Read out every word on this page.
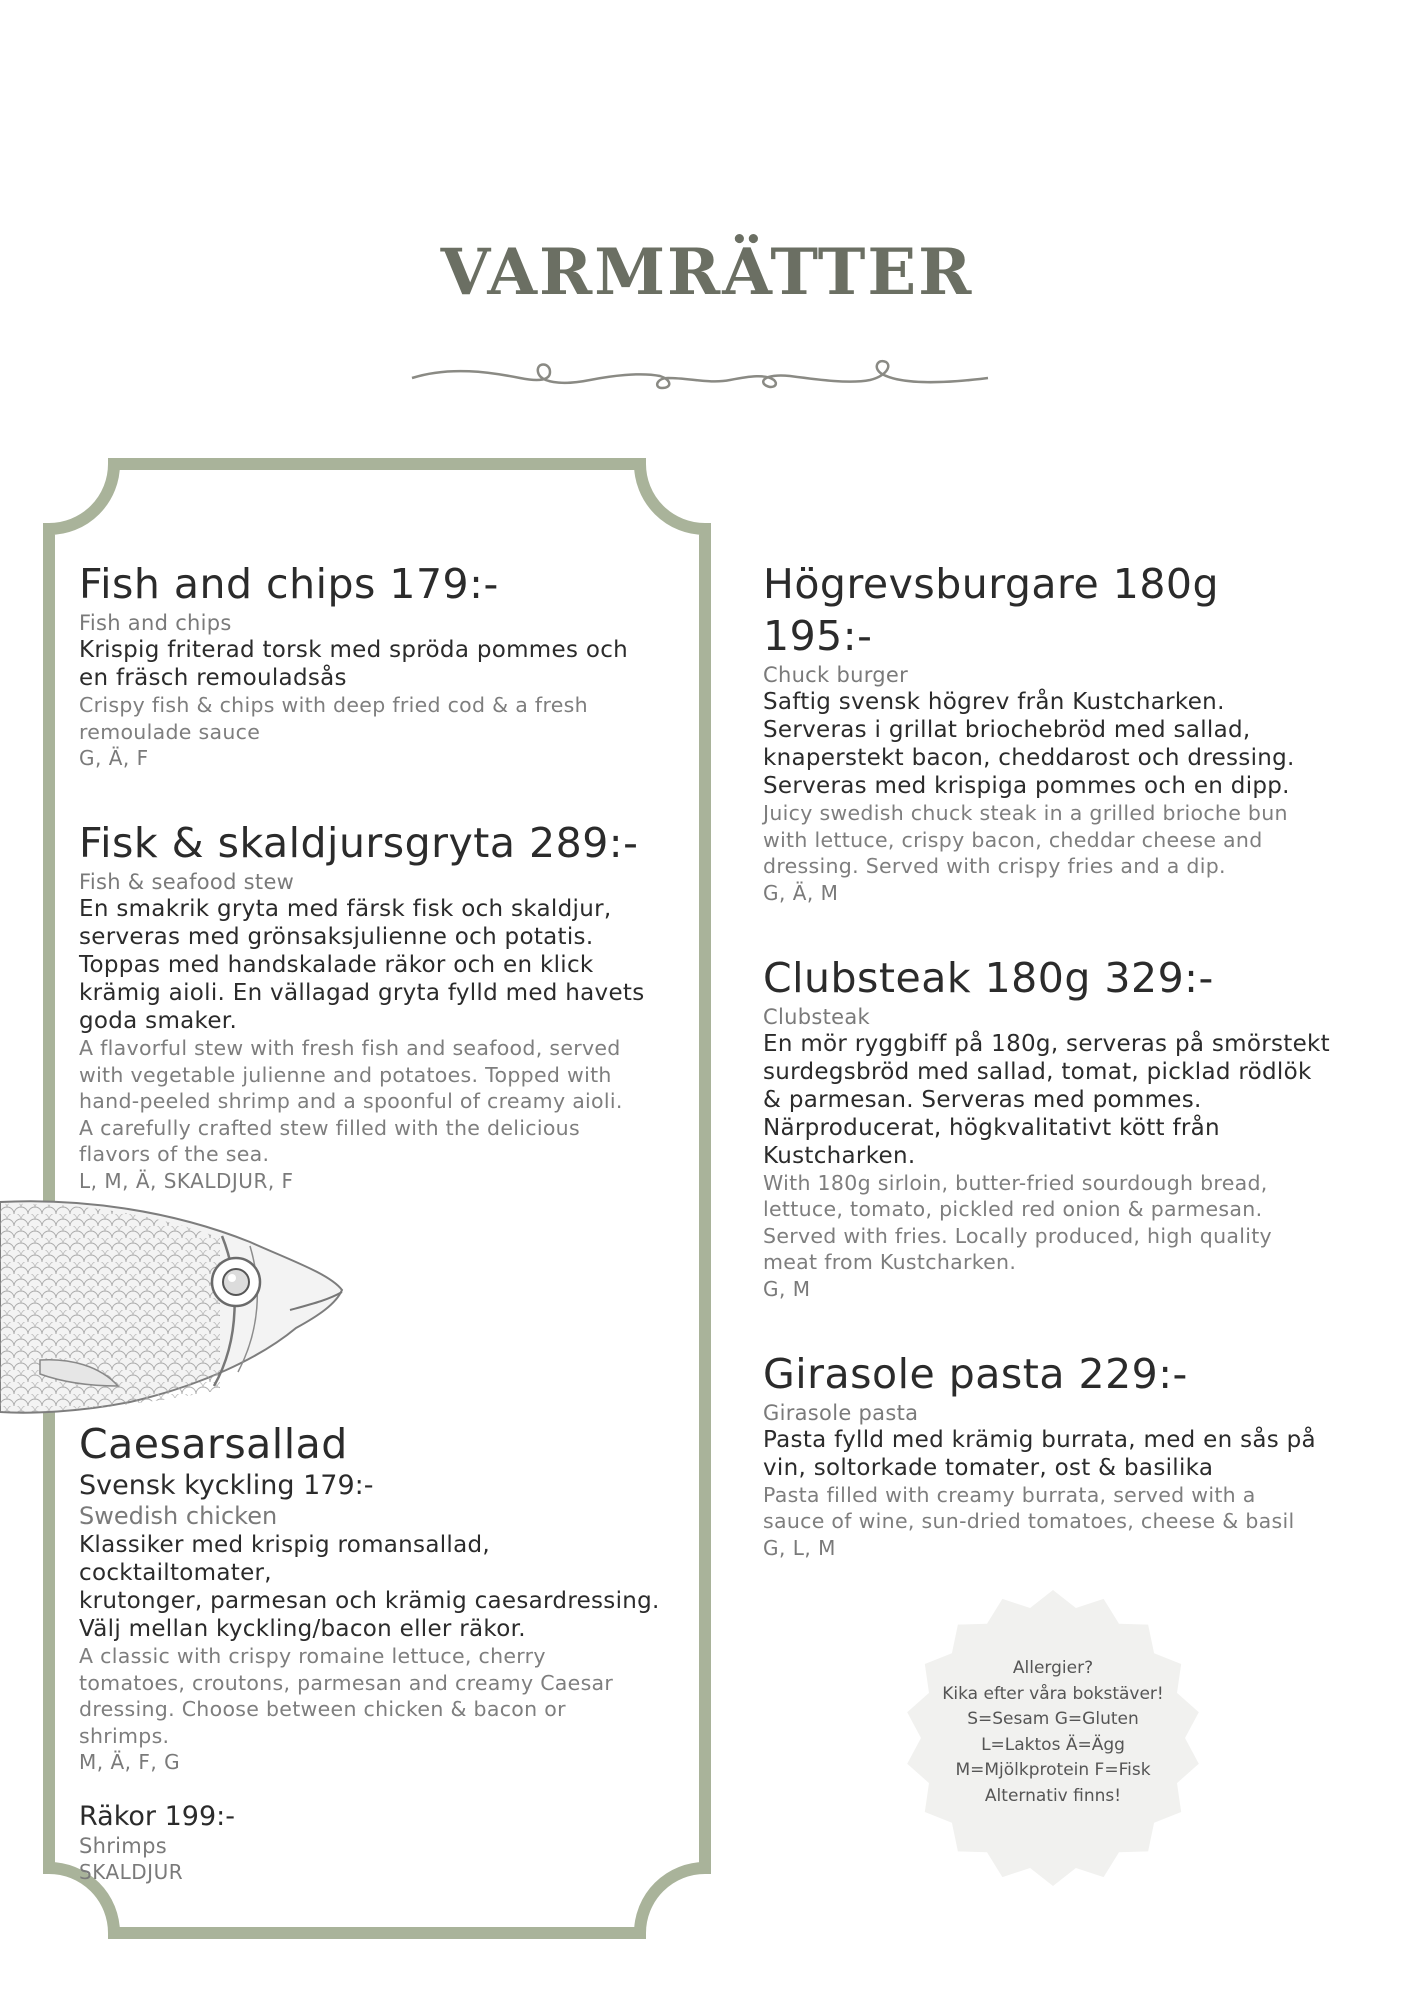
VARMRÄTTER
Fish and chips 179:-
Fish and chips
Krispig friterad torsk med spröda pommes och
en fräsch remouladsås
Crispy fish & chips with deep fried cod & a fresh
remoulade sauce
G, Ä, F
Fisk & skaldjursgryta 289:-
Fish & seafood stew
En smakrik gryta med färsk fisk och skaldjur,
serveras med grönsaksjulienne och potatis.
Toppas med handskalade räkor och en klick
krämig aioli. En vällagad gryta fylld med havets
goda smaker.
A flavorful stew with fresh fish and seafood, served
with vegetable julienne and potatoes. Topped with
hand-peeled shrimp and a spoonful of creamy aioli.
A carefully crafted stew filled with the delicious
flavors of the sea.
L, M, Ä, SKALDJUR, F
Caesarsallad
Svensk kyckling 179:-
Swedish chicken
Klassiker med krispig romansallad, cocktailtomater,
krutonger, parmesan och krämig caesardressing.
Välj mellan kyckling/bacon eller räkor.
A classic with crispy romaine lettuce, cherry
tomatoes, croutons, parmesan and creamy Caesar
dressing. Choose between chicken & bacon or
shrimps.
M, Ä, F, G
Räkor 199:-
Shrimps
SKALDJUR
Högrevsburgare 180g
195:-
Chuck burger
Saftig svensk högrev från Kustcharken.
Serveras i grillat briochebröd med sallad,
knaperstekt bacon, cheddarost och dressing.
Serveras med krispiga pommes och en dipp.
Juicy swedish chuck steak in a grilled brioche bun
with lettuce, crispy bacon, cheddar cheese and
dressing. Served with crispy fries and a dip.
G, Ä, M
Clubsteak 180g 329:-
Clubsteak
En mör ryggbiff på 180g, serveras på smörstekt
surdegsbröd med sallad, tomat, picklad rödlök
& parmesan. Serveras med pommes.
Närproducerat, högkvalitativt kött från
Kustcharken.
With 180g sirloin, butter-fried sourdough bread,
lettuce, tomato, pickled red onion & parmesan.
Served with fries. Locally produced, high quality
meat from Kustcharken.
G, M
Girasole pasta 229:-
Girasole pasta
Pasta fylld med krämig burrata, med en sås på
vin, soltorkade tomater, ost & basilika
Pasta filled with creamy burrata, served with a
sauce of wine, sun-dried tomatoes, cheese & basil
G, L, M
Allergier?
Kika efter våra bokstäver!
S=Sesam G=Gluten
L=Laktos Ä=Ägg
M=Mjölkprotein F=Fisk
Alternativ finns!
